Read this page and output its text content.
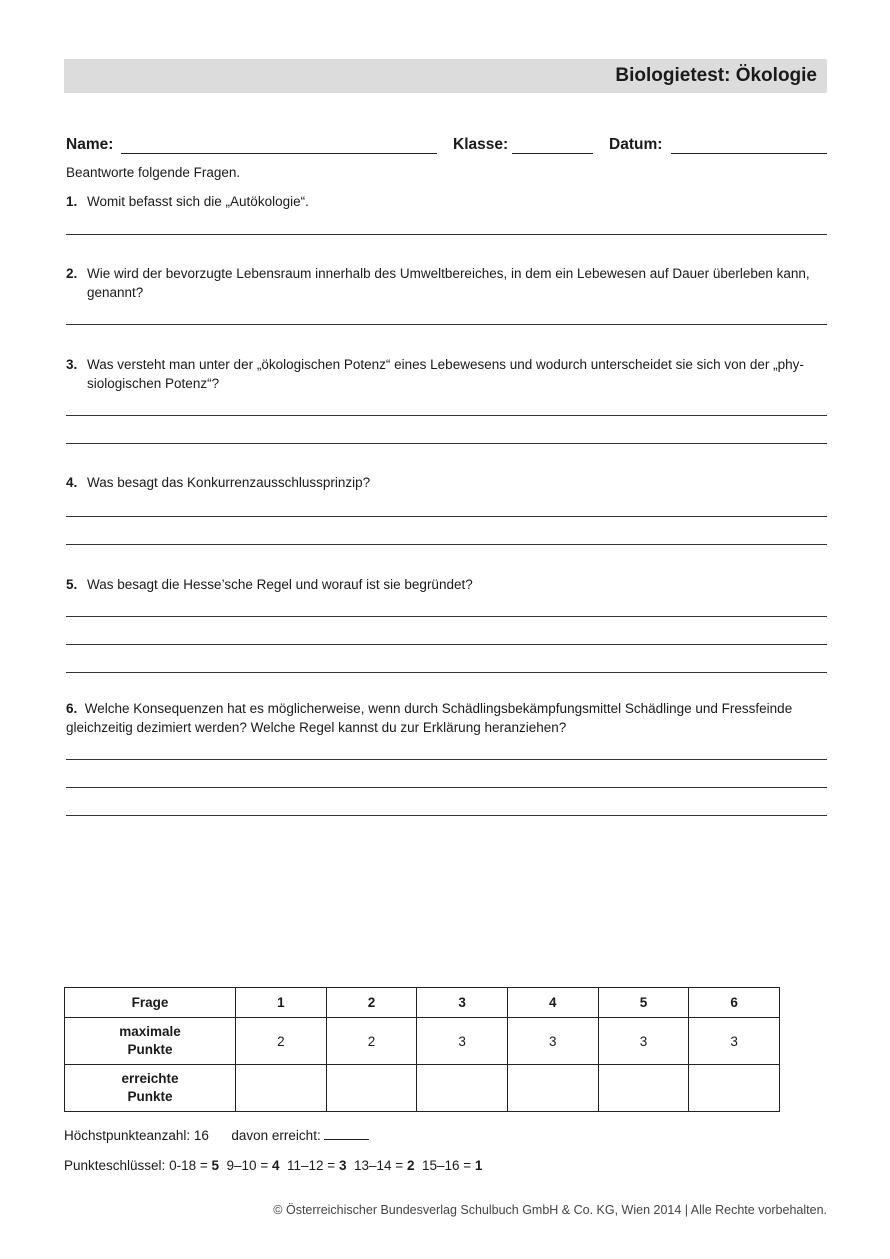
Biologietest: Ökologie
Name:	Klasse:	Datum:
Beantworte folgende Fragen.
1. Womit befasst sich die „Autökologie“.
2. Wie wird der bevorzugte Lebensraum innerhalb des Umweltbereiches, in dem ein Lebewesen auf Dauer überleben kann, genannt?
3. Was versteht man unter der „ökologischen Potenz“ eines Lebewesens und wodurch unterscheidet sie sich von der „physiologischen Potenz“?
4. Was besagt das Konkurrenzausschlussprinzip?
5. Was besagt die Hesse’sche Regel und worauf ist sie begründet?
6. Welche Konsequenzen hat es möglicherweise, wenn durch Schädlingsbekämpfungsmittel Schädlinge und Fressfeinde gleichzeitig dezimiert werden? Welche Regel kannst du zur Erklärung heranziehen?
Frage	1	2	3	4	5	6
maximale
Punkte	2	2	3	3	3	3
erreichte
Punkte						
Höchstpunkteanzahl: 16 davon erreicht:
Punkteschlüssel: 0-18 = 5 9–10 = 4 11–12 = 3 13–14 = 2 15–16 = 1
© Österreichischer Bundesverlag Schulbuch GmbH & Co. KG, Wien 2014 | Alle Rechte vorbehalten.
